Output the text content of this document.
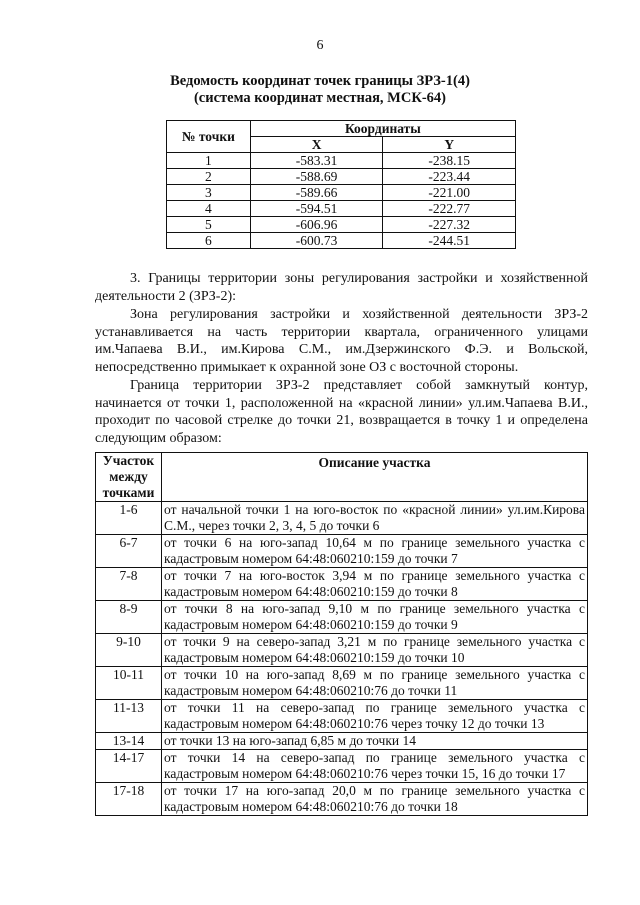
6
Ведомость координат точек границы ЗРЗ-1(4)
(система координат местная, МСК-64)
№ точки	Координаты	
	X	Y
1	-583.31	-238.15
2	-588.69	-223.44
3	-589.66	-221.00
4	-594.51	-222.77
5	-606.96	-227.32
6	-600.73	-244.51

3. Границы территории зоны регулирования застройки и хозяйственной деятельности 2 (ЗРЗ-2):

Зона регулирования застройки и хозяйственной деятельности ЗРЗ-2 устанавливается на часть территории квартала, ограниченного улицами им.Чапаева В.И., им.Кирова С.М., им.Дзержинского Ф.Э. и Вольской, непосредственно примыкает к охранной зоне ОЗ с восточной стороны.

Граница территории ЗРЗ-2 представляет собой замкнутый контур, начинается от точки 1, расположенной на «красной линии» ул.им.Чапаева В.И., проходит по часовой стрелке до точки 21, возвращается в точку 1 и определена следующим образом:

Участок
между
точками	Описание участка
1-6	от начальной точки 1 на юго-восток по «красной линии» ул.им.Кирова С.М., через точки 2, 3, 4, 5 до точки 6
6-7	от точки 6 на юго-запад 10,64 м по границе земельного участка с кадастровым номером 64:48:060210:159 до точки 7
7-8	от точки 7 на юго-восток 3,94 м по границе земельного участка с кадастровым номером 64:48:060210:159 до точки 8
8-9	от точки 8 на юго-запад 9,10 м по границе земельного участка с кадастровым номером 64:48:060210:159 до точки 9
9-10	от точки 9 на северо-запад 3,21 м по границе земельного участка с кадастровым номером 64:48:060210:159 до точки 10
10-11	от точки 10 на юго-запад 8,69 м по границе земельного участка с кадастровым номером 64:48:060210:76 до точки 11
11-13	от точки 11 на северо-запад по границе земельного участка с кадастровым номером 64:48:060210:76 через точку 12 до точки 13
13-14	от точки 13 на юго-запад 6,85 м до точки 14
14-17	от точки 14 на северо-запад по границе земельного участка с кадастровым номером 64:48:060210:76 через точки 15, 16 до точки 17
17-18	от точки 17 на юго-запад 20,0 м по границе земельного участка с кадастровым номером 64:48:060210:76 до точки 18
